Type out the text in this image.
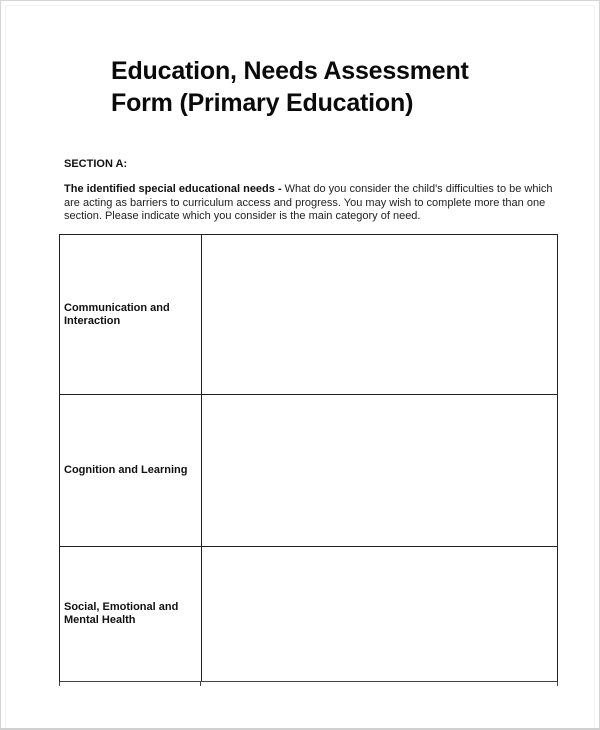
Education, Needs Assessment Form (Primary Education)
SECTION A:
The identified special educational needs - What do you consider the child's difficulties to be which are acting as barriers to curriculum access and progress. You may wish to complete more than one section. Please indicate which you consider is the main category of need.
Communication and Interaction
Cognition and Learning
Social, Emotional and Mental Health
